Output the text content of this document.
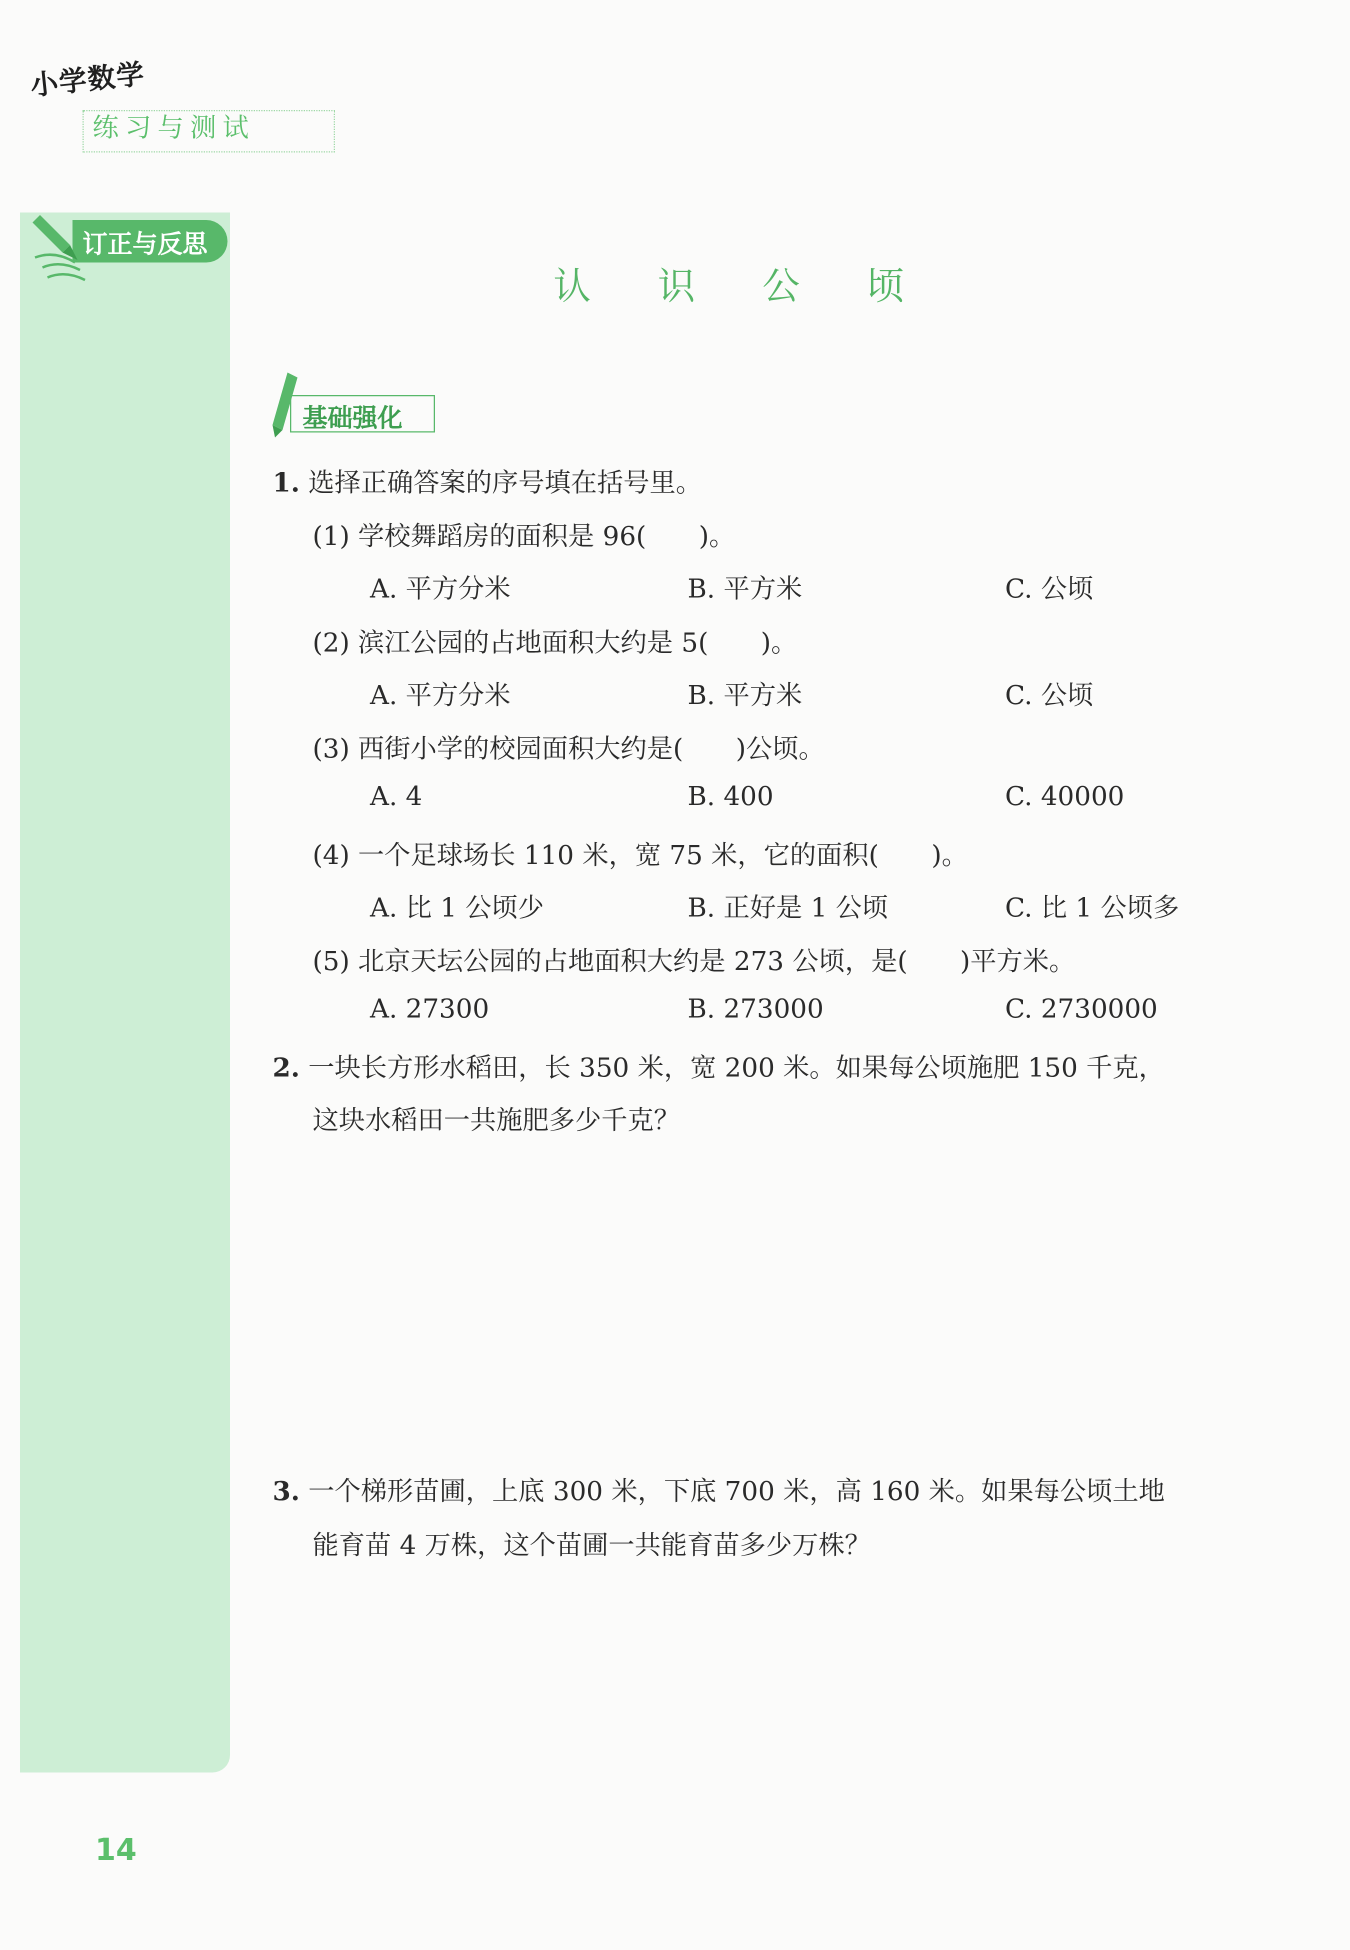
小学数学
练习与测试
订正与反思
认 识 公 顷
基础强化
1. 选择正确答案的序号填在括号里。
(1) 学校舞蹈房的面积是 96(　　)。
A. 平方分米	B. 平方米	C. 公顷
(2) 滨江公园的占地面积大约是 5(　　)。
A. 平方分米	B. 平方米	C. 公顷
(3) 西街小学的校园面积大约是(　　)公顷。
A. 4	B. 400	C. 40000
(4) 一个足球场长 110 米，宽 75 米，它的面积(　　)。
A. 比 1 公顷少	B. 正好是 1 公顷	C. 比 1 公顷多
(5) 北京天坛公园的占地面积大约是 273 公顷，是(　　)平方米。
A. 27300	B. 273000	C. 2730000
2. 一块长方形水稻田，长 350 米，宽 200 米。如果每公顷施肥 150 千克，
这块水稻田一共施肥多少千克？
3. 一个梯形苗圃，上底 300 米，下底 700 米，高 160 米。如果每公顷土地
能育苗 4 万株，这个苗圃一共能育苗多少万株？
14
